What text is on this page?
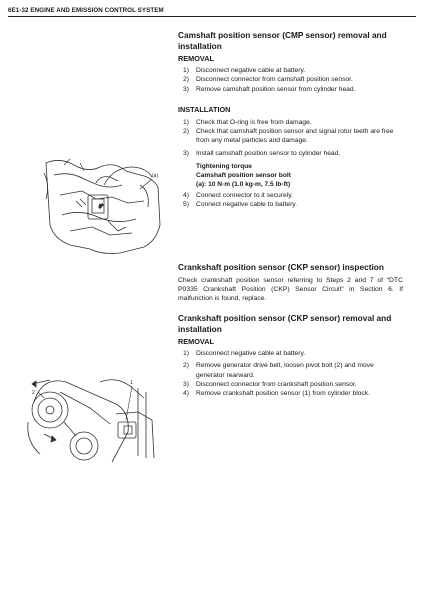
6E1-32 ENGINE AND EMISSION CONTROL SYSTEM
(a)
1
2
Camshaft position sensor (CMP sensor) removal and installation
REMOVAL
1) Disconnect negative cable at battery.
2) Disconnect connector from camshaft position sensor.
3) Remove camshaft position sensor from cylinder head.
INSTALLATION
1) Check that O-ring is free from damage.
2) Check that camshaft position sensor and signal rotor teeth are free from any metal particles and damage.
3) Install camshaft position sensor to cylinder head.
Tightening torque
Camshaft position sensor bolt
(a): 10 N·m (1.0 kg-m, 7.5 lb-ft)
4) Connect connector to it securely.
5) Connect negative cable to battery.
Crankshaft position sensor (CKP sensor) inspection

Check crankshaft position sensor referring to Steps 2 and 7 of “DTC P0335 Crankshaft Position (CKP) Sensor Circuit” in Section 6. If malfunction is found, replace.

Crankshaft position sensor (CKP sensor) removal and installation
REMOVAL
1) Disconnect negative cable at battery.
2) Remove generator drive belt, loosen pivot bolt (2) and move generator rearward.
3) Disconnect connector from crankshaft position sensor.
4) Remove crankshaft position sensor (1) from cylinder block.
